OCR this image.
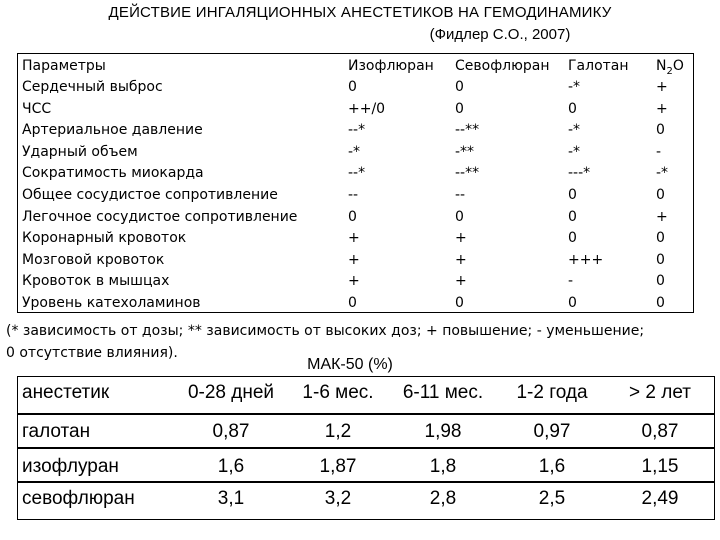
ДЕЙСТВИЕ ИНГАЛЯЦИОННЫХ АНЕСТЕТИКОВ НА ГЕМОДИНАМИКУ
(Фидлер С.О., 2007)
Параметры	Изофлюран Севофлюран Галотан $N_2O$
Сердечный выброс	0	0	-*	+
ЧСС	++/0	0	0	+
Артериальное давление	--*	--**	-*	0
Ударный объем	-*	-**	-*	-
Сократимость миокарда	--*	--**	---*	-*
Общее сосудистое сопротивление	--	--	0	0
Легочное сосудистое сопротивление	0	0	0	+
Коронарный кровоток	+	+	0	0
Мозговой кровоток	+	+	+++	0
Кровоток в мышцах	+	+	-	0
Уровень катехоламинов	0	0	0	0
(* зависимость от дозы; ** зависимость от высоких доз; + повышение; - уменьшение;
0 отсутствие влияния).
МАК-50 (%)
анестетик	0-28 дней	1-6 мес.	6-11 мес.	1-2 года	> 2 лет
галотан	0,87	1,2	1,98	0,97	0,87
изофлуран	1,6	1,87	1,8	1,6	1,15
севофлюран	3,1	3,2	2,8	2,5	2,49
